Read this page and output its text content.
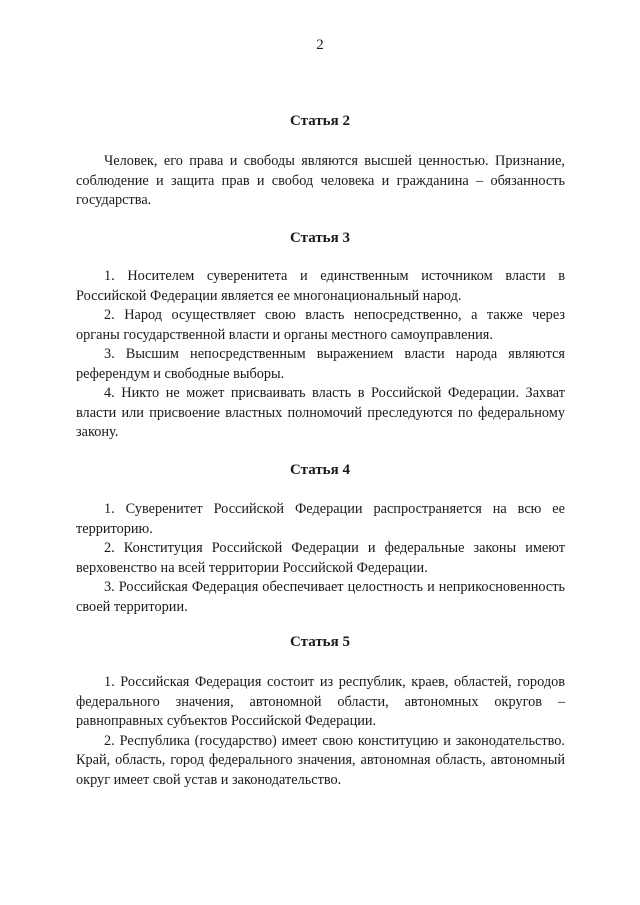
2
Статья 2

Человек, его права и свободы являются высшей ценностью. Признание, соблюдение и защита прав и свобод человека и гражданина – обязанность государства.

Статья 3

1. Носителем суверенитета и единственным источником власти в Российской Федерации является ее многонациональный народ.

2. Народ осуществляет свою власть непосредственно, а также через органы государственной власти и органы местного самоуправления.

3. Высшим непосредственным выражением власти народа являются референдум и свободные выборы.

4. Никто не может присваивать власть в Российской Федерации. Захват власти или присвоение властных полномочий преследуются по федеральному закону.

Статья 4

1. Суверенитет Российской Федерации распространяется на всю ее территорию.

2. Конституция Российской Федерации и федеральные законы имеют верховенство на всей территории Российской Федерации.

3. Российская Федерация обеспечивает целостность и неприкосновенность своей территории.

Статья 5

1. Российская Федерация состоит из республик, краев, областей, городов федерального значения, автономной области, автономных округов – равноправных субъектов Российской Федерации.

2. Республика (государство) имеет свою конституцию и законодательство. Край, область, город федерального значения, автономная область, автономный округ имеет свой устав и законодательство.
